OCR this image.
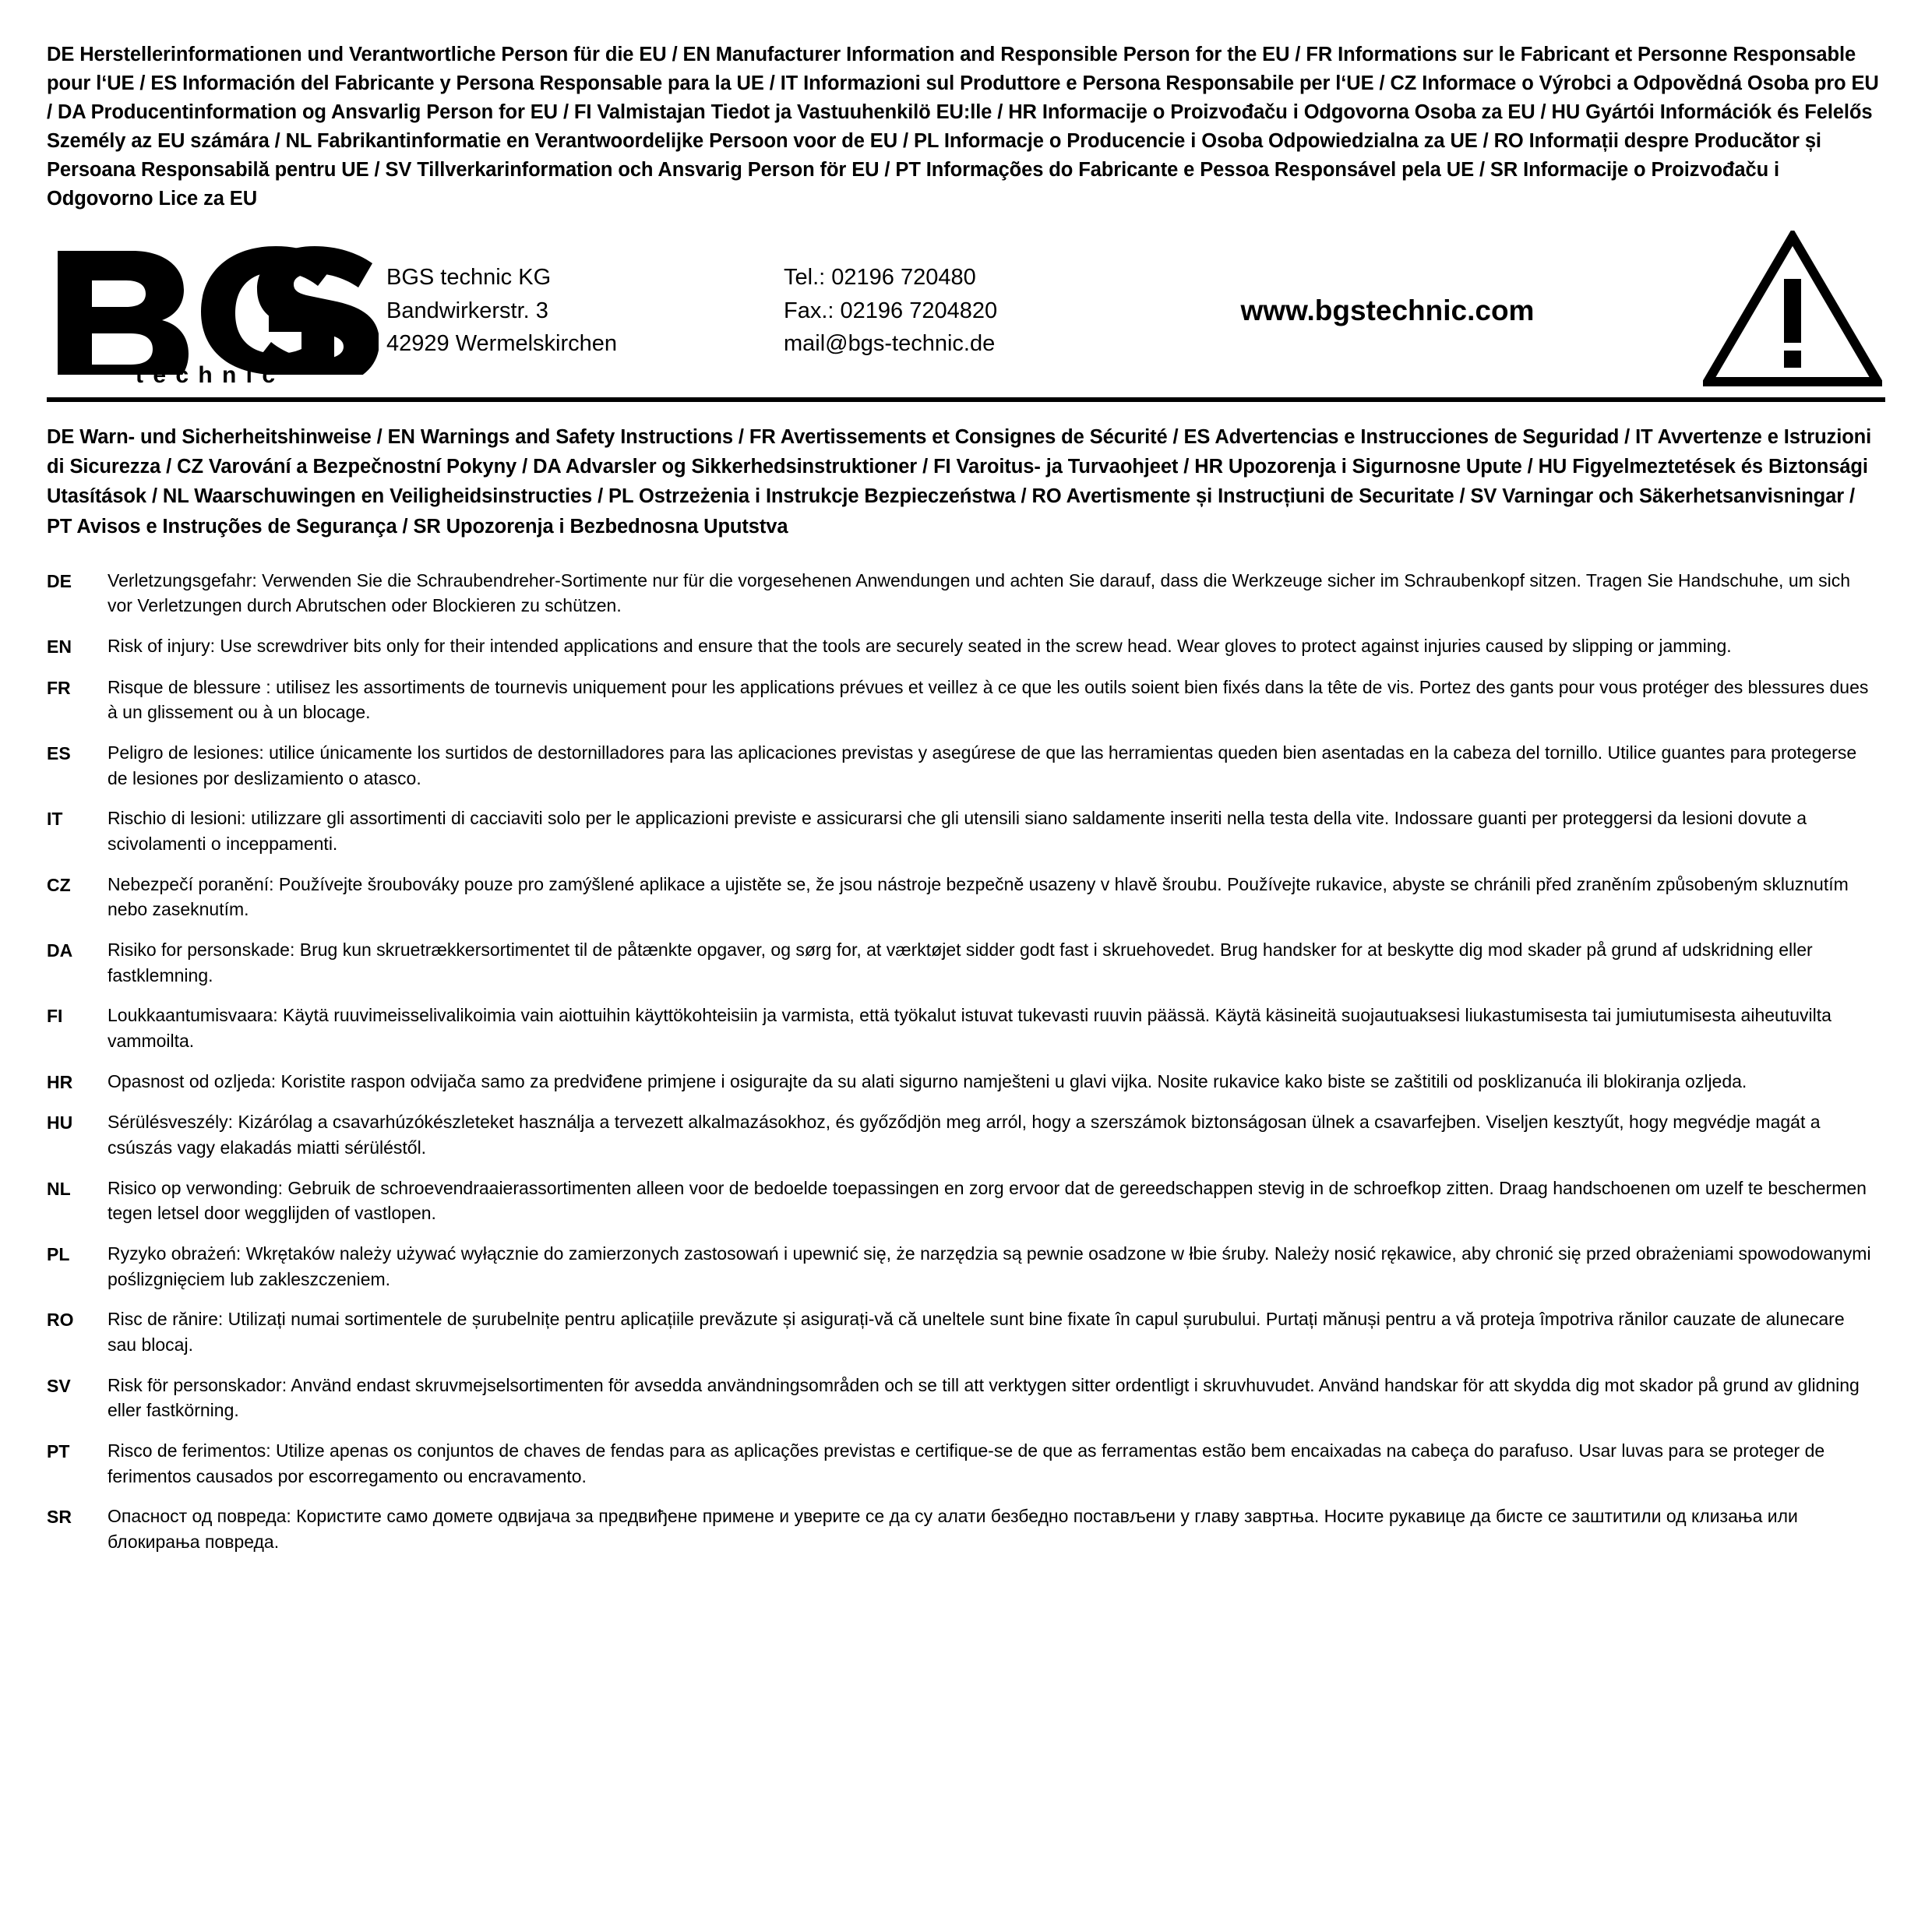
DE Herstellerinformationen und Verantwortliche Person für die EU / EN Manufacturer Information and Responsible Person for the EU / FR Informations sur le Fabricant et Personne Responsable pour l‘UE / ES Información del Fabricante y Persona Responsable para la UE / IT Informazioni sul Produttore e Persona Responsabile per l‘UE / CZ Informace o Výrobci a Odpovědná Osoba pro EU / DA Producentinformation og Ansvarlig Person for EU / FI Valmistajan Tiedot ja Vastuuhenkilö EU:lle / HR Informacije o Proizvođaču i Odgovorna Osoba za EU / HU Gyártói Információk és Felelős Személy az EU számára / NL Fabrikantinformatie en Verantwoordelijke Persoon voor de EU / PL Informacje o Producencie i Osoba Odpowiedzialna za UE / RO Informații despre Producător și Persoana Responsabilă pentru UE / SV Tillverkarinformation och Ansvarig Person för EU / PT Informações do Fabricante e Pessoa Responsável pela UE / SR Informacije o Proizvođaču i Odgovorno Lice za EU
®
t e c h n i c
BGS technic KG
Bandwirkerstr. 3
42929 Wermelskirchen
Tel.: 02196 720480
Fax.: 02196 7204820
mail@bgs-technic.de
www.bgstechnic.com
DE Warn- und Sicherheitshinweise / EN Warnings and Safety Instructions / FR Avertissements et Consignes de Sécurité / ES Advertencias e Instrucciones de Seguridad / IT Avvertenze e Istruzioni di Sicurezza / CZ Varování a Bezpečnostní Pokyny / DA Advarsler og Sikkerhedsinstruktioner / FI Varoitus- ja Turvaohjeet / HR Upozorenja i Sigurnosne Upute / HU Figyelmeztetések és Biztonsági Utasítások / NL Waarschuwingen en Veiligheidsinstructies / PL Ostrzeżenia i Instrukcje Bezpieczeństwa / RO Avertismente și Instrucțiuni de Securitate / SV Varningar och Säkerhetsanvisningar / PT Avisos e Instruções de Segurança / SR Upozorenja i Bezbednosna Uputstva
DE	Verletzungsgefahr: Verwenden Sie die Schraubendreher-Sortimente nur für die vorgesehenen Anwendungen und achten Sie darauf, dass die Werkzeuge sicher im Schraubenkopf sitzen. Tragen Sie Handschuhe, um sich vor Verletzungen durch Abrutschen oder Blockieren zu schützen.
EN	Risk of injury: Use screwdriver bits only for their intended applications and ensure that the tools are securely seated in the screw head. Wear gloves to protect against injuries caused by slipping or jamming.
FR	Risque de blessure : utilisez les assortiments de tournevis uniquement pour les applications prévues et veillez à ce que les outils soient bien fixés dans la tête de vis. Portez des gants pour vous protéger des blessures dues à un glissement ou à un blocage.
ES	Peligro de lesiones: utilice únicamente los surtidos de destornilladores para las aplicaciones previstas y asegúrese de que las herramientas queden bien asentadas en la cabeza del tornillo. Utilice guantes para protegerse de lesiones por deslizamiento o atasco.
IT	Rischio di lesioni: utilizzare gli assortimenti di cacciaviti solo per le applicazioni previste e assicurarsi che gli utensili siano saldamente inseriti nella testa della vite. Indossare guanti per proteggersi da lesioni dovute a scivolamenti o inceppamenti.
CZ	Nebezpečí poranění: Používejte šroubováky pouze pro zamýšlené aplikace a ujistěte se, že jsou nástroje bezpečně usazeny v hlavě šroubu. Používejte rukavice, abyste se chránili před zraněním způsobeným skluznutím nebo zaseknutím.
DA	Risiko for personskade: Brug kun skruetrækkersortimentet til de påtænkte opgaver, og sørg for, at værktøjet sidder godt fast i skruehovedet. Brug handsker for at beskytte dig mod skader på grund af udskridning eller fastklemning.
FI	Loukkaantumisvaara: Käytä ruuvimeisselivalikoimia vain aiottuihin käyttökohteisiin ja varmista, että työkalut istuvat tukevasti ruuvin päässä. Käytä käsineitä suojautuaksesi liukastumisesta tai jumiutumisesta aiheutuvilta vammoilta.
HR	Opasnost od ozljeda: Koristite raspon odvijača samo za predviđene primjene i osigurajte da su alati sigurno namješteni u glavi vijka. Nosite rukavice kako biste se zaštitili od posklizanuća ili blokiranja ozljeda.
HU	Sérülésveszély: Kizárólag a csavarhúzókészleteket használja a tervezett alkalmazásokhoz, és győződjön meg arról, hogy a szerszámok biztonságosan ülnek a csavarfejben. Viseljen kesztyűt, hogy megvédje magát a csúszás vagy elakadás miatti sérüléstől.
NL	Risico op verwonding: Gebruik de schroevendraaierassortimenten alleen voor de bedoelde toepassingen en zorg ervoor dat de gereedschappen stevig in de schroefkop zitten. Draag handschoenen om uzelf te beschermen tegen letsel door wegglijden of vastlopen.
PL	Ryzyko obrażeń: Wkrętaków należy używać wyłącznie do zamierzonych zastosowań i upewnić się, że narzędzia są pewnie osadzone w łbie śruby. Należy nosić rękawice, aby chronić się przed obrażeniami spowodowanymi poślizgnięciem lub zakleszczeniem.
RO	Risc de rănire: Utilizați numai sortimentele de șurubelnițe pentru aplicațiile prevăzute și asigurați-vă că uneltele sunt bine fixate în capul șurubului. Purtați mănuși pentru a vă proteja împotriva rănilor cauzate de alunecare sau blocaj.
SV	Risk för personskador: Använd endast skruvmejselsortimenten för avsedda användningsområden och se till att verktygen sitter ordentligt i skruvhuvudet. Använd handskar för att skydda dig mot skador på grund av glidning eller fastkörning.
PT	Risco de ferimentos: Utilize apenas os conjuntos de chaves de fendas para as aplicações previstas e certifique-se de que as ferramentas estão bem encaixadas na cabeça do parafuso. Usar luvas para se proteger de ferimentos causados por escorregamento ou encravamento.
SR	Опасност од повреда: Користите само домете одвијача за предвиђене примене и уверите се да су алати безбедно постављени у главу завртња. Носите рукавице да бисте се заштитили од клизања или блокирања повреда.
